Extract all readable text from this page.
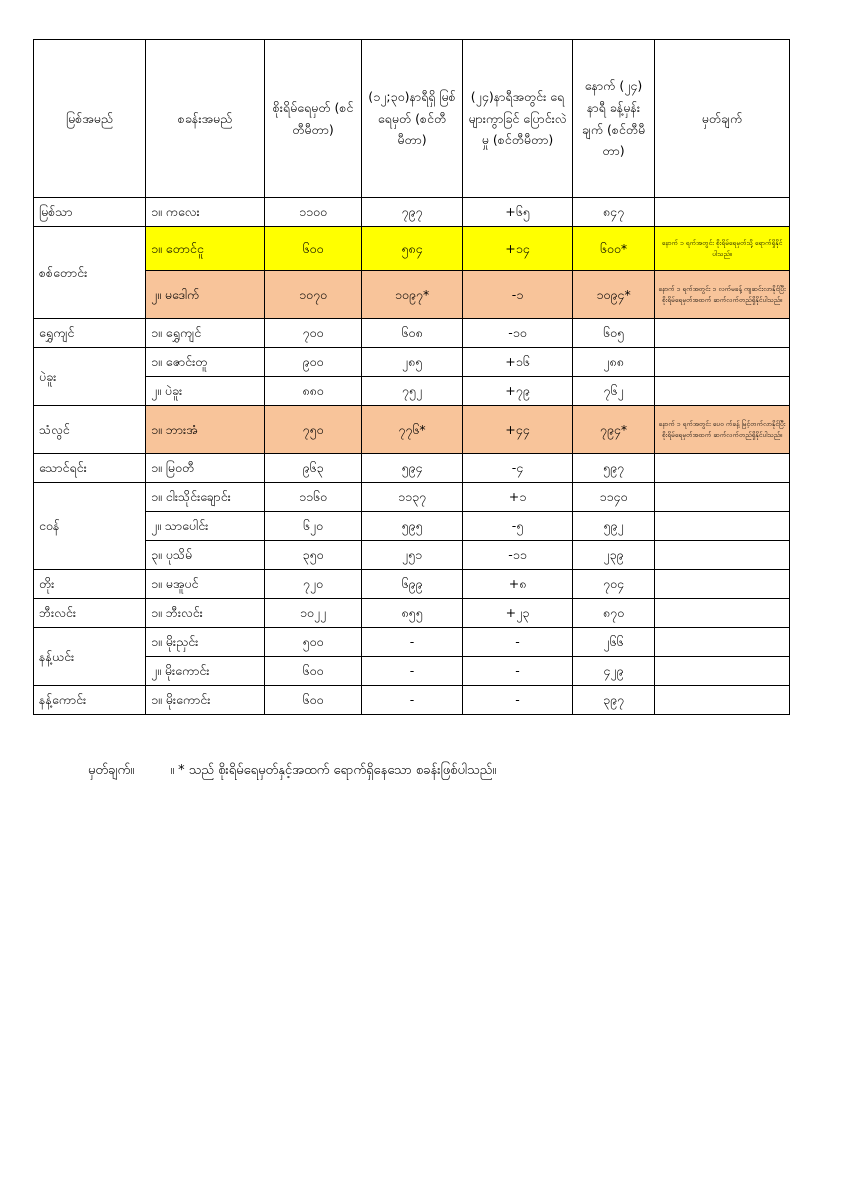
မြစ်အမည်	စခန်းအမည်	စိုးရိမ်ရေမှတ် (စင်တီမီတာ)	(၁၂;၃၀)နာရီရှိ မြစ်ရေမှတ် (စင်တီမီတာ)	(၂၄)နာရီအတွင်း ရေများကွာခြင် ပြောင်းလဲမှု (စင်တီမီတာ)	နောက် (၂၄) နာရီ ခန့်မှန်းချက် (စင်တီမီ တာ)	မှတ်ချက်
မြစ်သာ	၁။ ကလေး	၁၁၀၀	၇၉၇	+၆၅	၈၄၇	
စစ်တောင်း	၁။ တောင်ငူ	၆၀၀	၅၈၄	+၁၄	၆၀၀*	နောက် ၁ ရက်အတွင်း စိုးရိမ်ရေမှတ်သို့ ရောက်ရှိနိုင်ပါသည်။
	၂။ မဒေါက်	၁၀၇၀	၁၀၉၇*	-၁	၁၀၉၄*	နောက် ၁ ရက်အတွင်း ၁ လက်မခန့် ကျဆင်းလာနိုင်ပြီး စိုးရိမ်ရေမှတ်အထက် ဆက်လက်တည်ရှိနိုင်ပါသည်။
ရွှေကျင်	၁။ ရွှေကျင်	၇၀၀	၆၀၈	-၁၀	၆၀၅	
ပဲခူး	၁။ ဇောင်းတူ	၉၀၀	၂၈၅	+၁၆	၂၈၈	
	၂။ ပဲခူး	၈၈၀	၇၅၂	+၇၉	၇၆၂	
သံလွင်	၁။ ဘားအံ	၇၅၀	၇၇၆*	+၄၄	၇၉၄*	နောက် ၁ ရက်အတွင်း ပေ၀ က်ခန့် မြင့်တက်လာနိုင်ပြီး စိုးရိမ်ရေမှတ်အထက် ဆက်လက်တည်ရှိနိုင်ပါသည်။
သောင်ရင်း	၁။ မြဝတီ	၉၆၃	၅၉၄	-၄	၅၉၇	
ငဝန်	၁။ ငါးသိုင်းချောင်း	၁၁၆၀	၁၁၃၇	+၁	၁၁၄၀	
	၂။ သာပေါင်း	၆၂၀	၅၉၅	-၅	၅၉၂	
	၃။ ပုသိမ်	၃၅၀	၂၅၁	-၁၁	၂၃၉	
တိုး	၁။ မအူပင်	၇၂၀	၆၉၉	+၈	၇၀၄	
ဘီးလင်း	၁။ ဘီးလင်း	၁၀၂၂	၈၅၅	+၂၃	၈၇၀	
နန့်ယင်း	၁။ မိုးညှင်း	၅၀၀	-	-	၂၆၆	
	၂။ မိုးကောင်း	၆၀၀	-	-	၄၂၉	
နန့်ကောင်း	၁။ မိုးကောင်း	၆၀၀	-	-	၃၉၇	
မှတ်ချက်။	။ * သည် စိုးရိမ်ရေမှတ်နှင့်အထက် ရောက်ရှိနေသော စခန်းဖြစ်ပါသည်။
